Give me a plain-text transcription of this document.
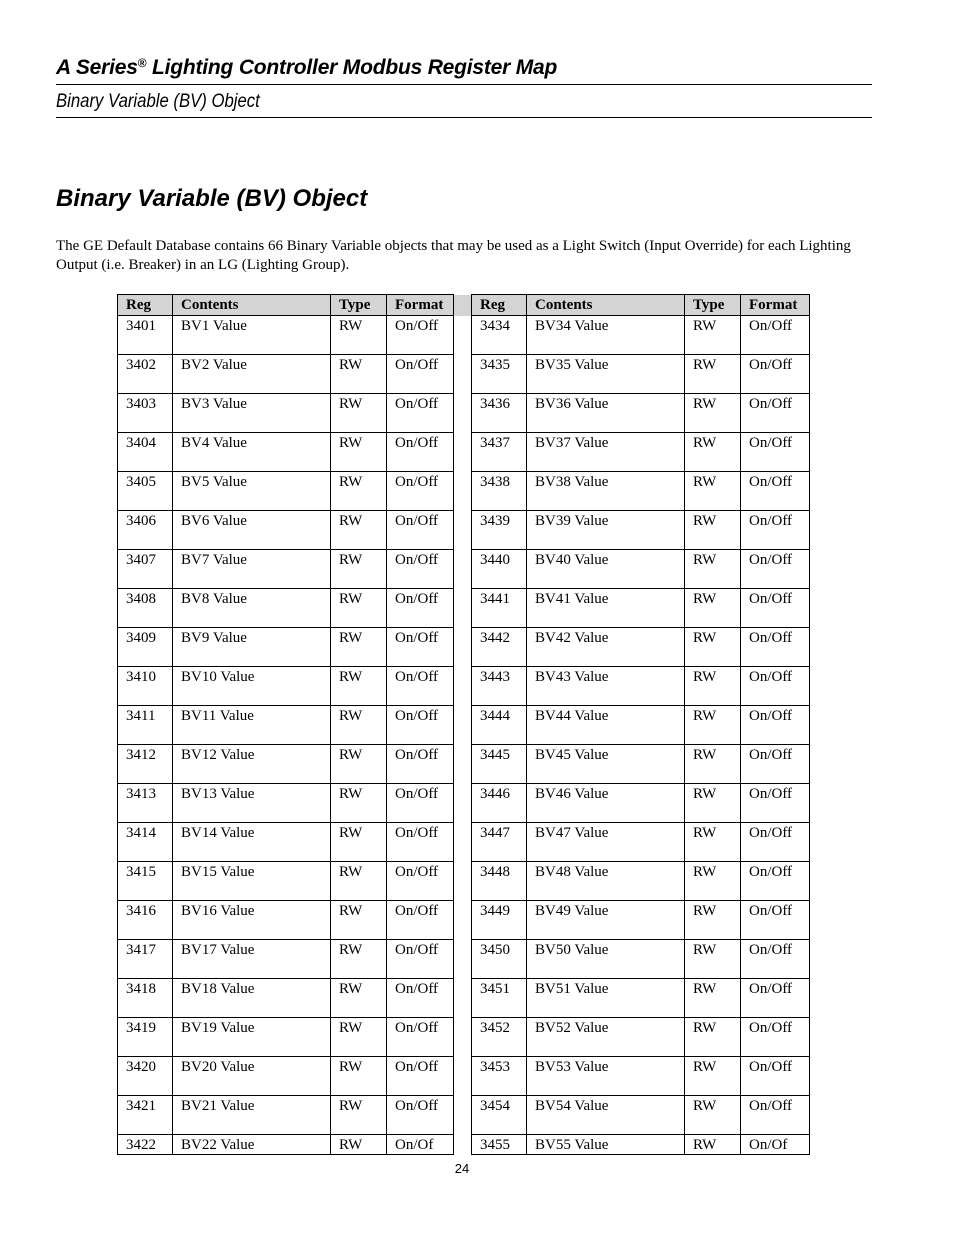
A Series® Lighting Controller Modbus Register Map
Binary Variable (BV) Object
Binary Variable (BV) Object
The GE Default Database contains 66 Binary Variable objects that may be used as a Light Switch (Input Override) for each Lighting Output (i.e. Breaker) in an LG (Lighting Group).
Reg	Contents	Type	Format		Reg	Contents	Type	Format
3401	BV1 Value	RW	On/Off		3434	BV34 Value	RW	On/Off
3402	BV2 Value	RW	On/Off		3435	BV35 Value	RW	On/Off
3403	BV3 Value	RW	On/Off		3436	BV36 Value	RW	On/Off
3404	BV4 Value	RW	On/Off		3437	BV37 Value	RW	On/Off
3405	BV5 Value	RW	On/Off		3438	BV38 Value	RW	On/Off
3406	BV6 Value	RW	On/Off		3439	BV39 Value	RW	On/Off
3407	BV7 Value	RW	On/Off		3440	BV40 Value	RW	On/Off
3408	BV8 Value	RW	On/Off		3441	BV41 Value	RW	On/Off
3409	BV9 Value	RW	On/Off		3442	BV42 Value	RW	On/Off
3410	BV10 Value	RW	On/Off		3443	BV43 Value	RW	On/Off
3411	BV11 Value	RW	On/Off		3444	BV44 Value	RW	On/Off
3412	BV12 Value	RW	On/Off		3445	BV45 Value	RW	On/Off
3413	BV13 Value	RW	On/Off		3446	BV46 Value	RW	On/Off
3414	BV14 Value	RW	On/Off		3447	BV47 Value	RW	On/Off
3415	BV15 Value	RW	On/Off		3448	BV48 Value	RW	On/Off
3416	BV16 Value	RW	On/Off		3449	BV49 Value	RW	On/Off
3417	BV17 Value	RW	On/Off		3450	BV50 Value	RW	On/Off
3418	BV18 Value	RW	On/Off		3451	BV51 Value	RW	On/Off
3419	BV19 Value	RW	On/Off		3452	BV52 Value	RW	On/Off
3420	BV20 Value	RW	On/Off		3453	BV53 Value	RW	On/Off
3421	BV21 Value	RW	On/Off		3454	BV54 Value	RW	On/Off
3422	BV22 Value	RW	On/Of		3455	BV55 Value	RW	On/Of
24
